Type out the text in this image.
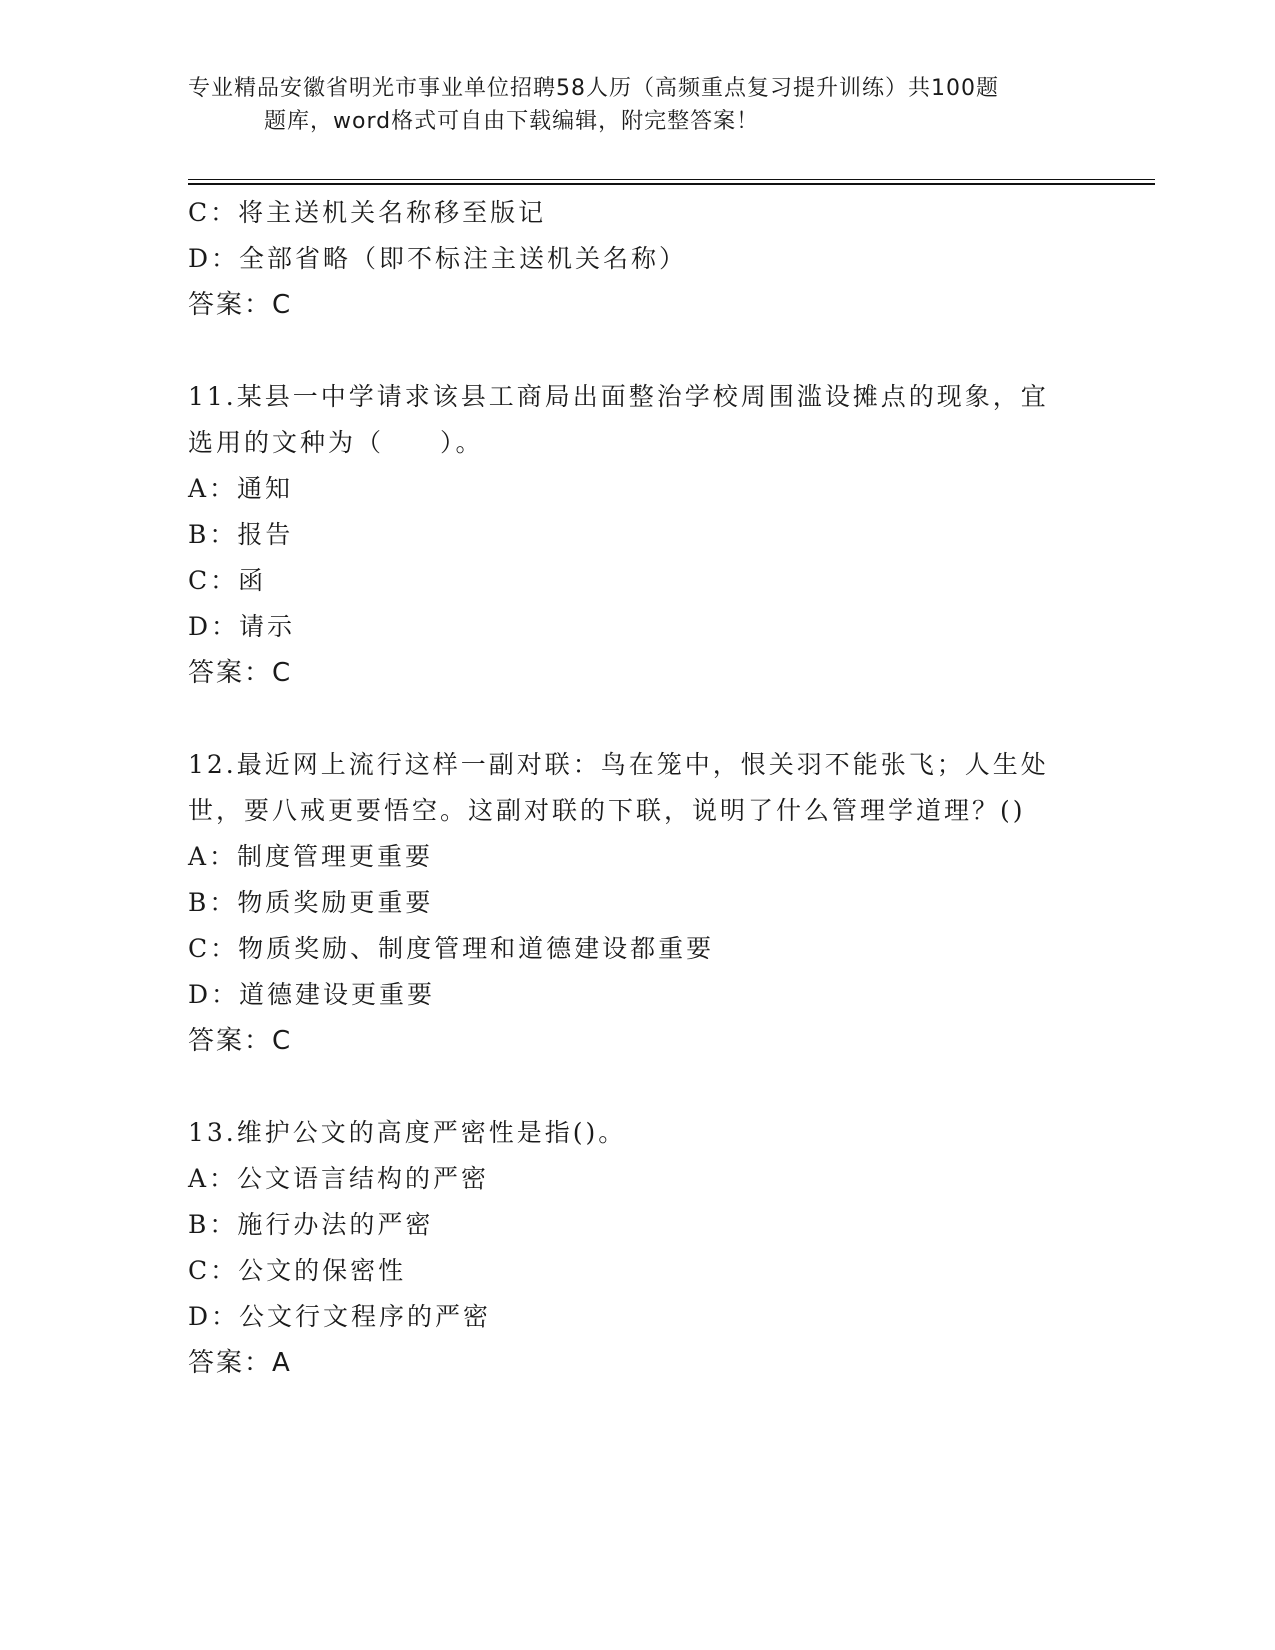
专业精品安徽省明光市事业单位招聘58人历（高频重点复习提升训练）共100题
题库，word格式可自由下载编辑，附完整答案！
C：将主送机关名称移至版记
D：全部省略（即不标注主送机关名称）
答案：C
11.某县一中学请求该县工商局出面整治学校周围滥设摊点的现象，宜
选用的文种为（　　）。
A：通知
B：报告
C：函
D：请示
答案：C
12.最近网上流行这样一副对联：鸟在笼中，恨关羽不能张飞；人生处
世，要八戒更要悟空。这副对联的下联，说明了什么管理学道理？()
A：制度管理更重要
B：物质奖励更重要
C：物质奖励、制度管理和道德建设都重要
D：道德建设更重要
答案：C
13.维护公文的高度严密性是指()。
A：公文语言结构的严密
B：施行办法的严密
C：公文的保密性
D：公文行文程序的严密
答案：A
